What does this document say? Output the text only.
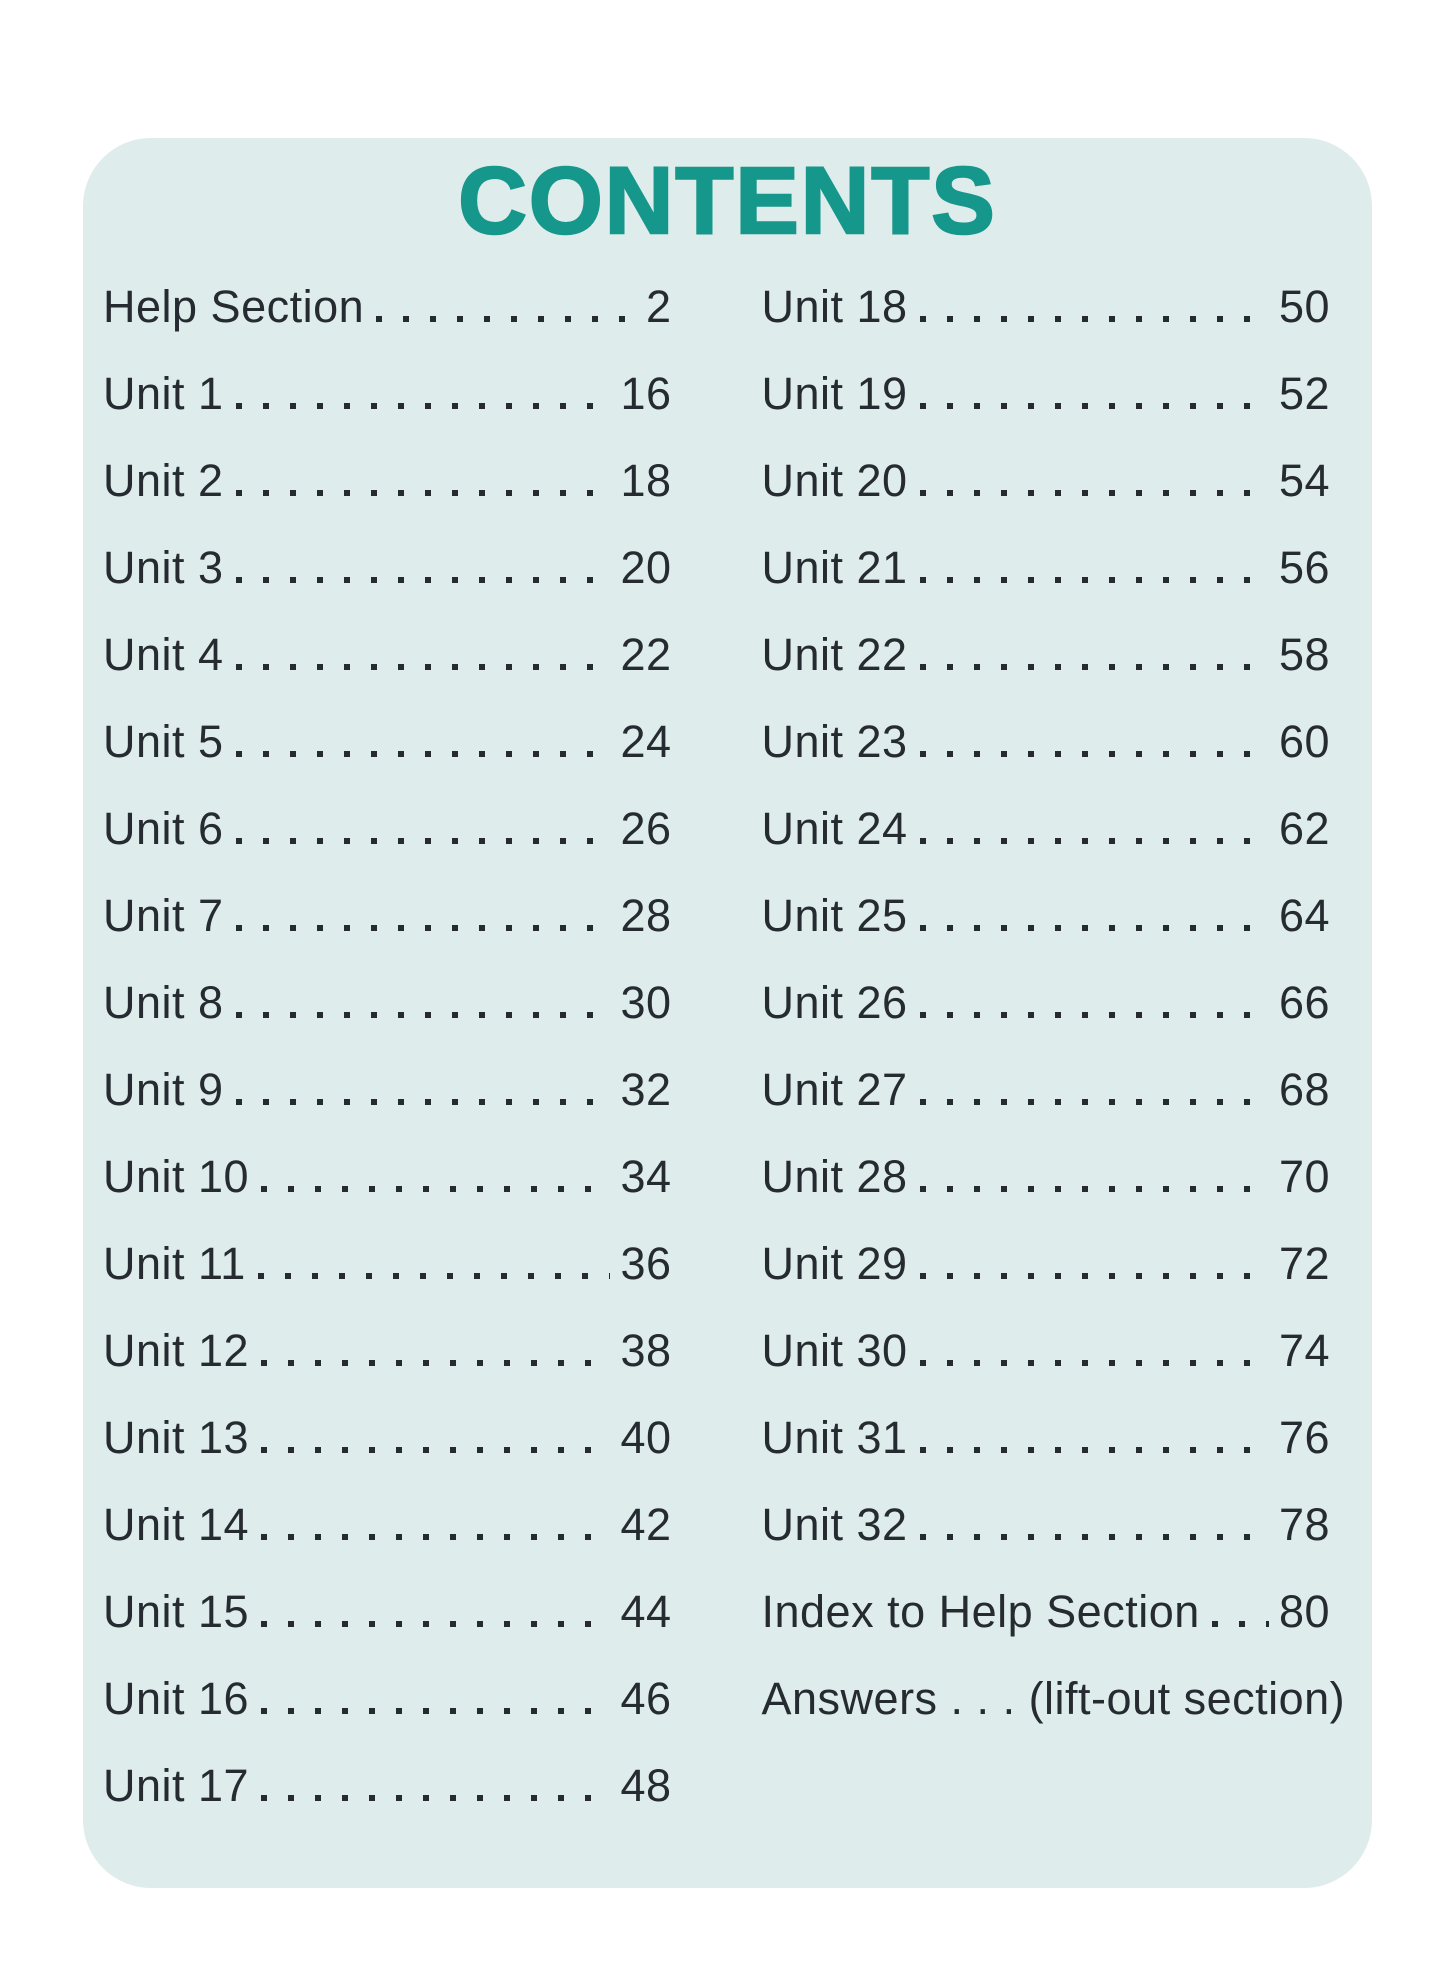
CONTENTS
Help Section	2
Unit 1	16
Unit 2	18
Unit 3	20
Unit 4	22
Unit 5	24
Unit 6	26
Unit 7	28
Unit 8	30
Unit 9	32
Unit 10	34
Unit 11	36
Unit 12	38
Unit 13	40
Unit 14	42
Unit 15	44
Unit 16	46
Unit 17	48
Unit 18	50
Unit 19	52
Unit 20	54
Unit 21	56
Unit 22	58
Unit 23	60
Unit 24	62
Unit 25	64
Unit 26	66
Unit 27	68
Unit 28	70
Unit 29	72
Unit 30	74
Unit 31	76
Unit 32	78
Index to Help Section 80
Answers . . . (lift-out section)
